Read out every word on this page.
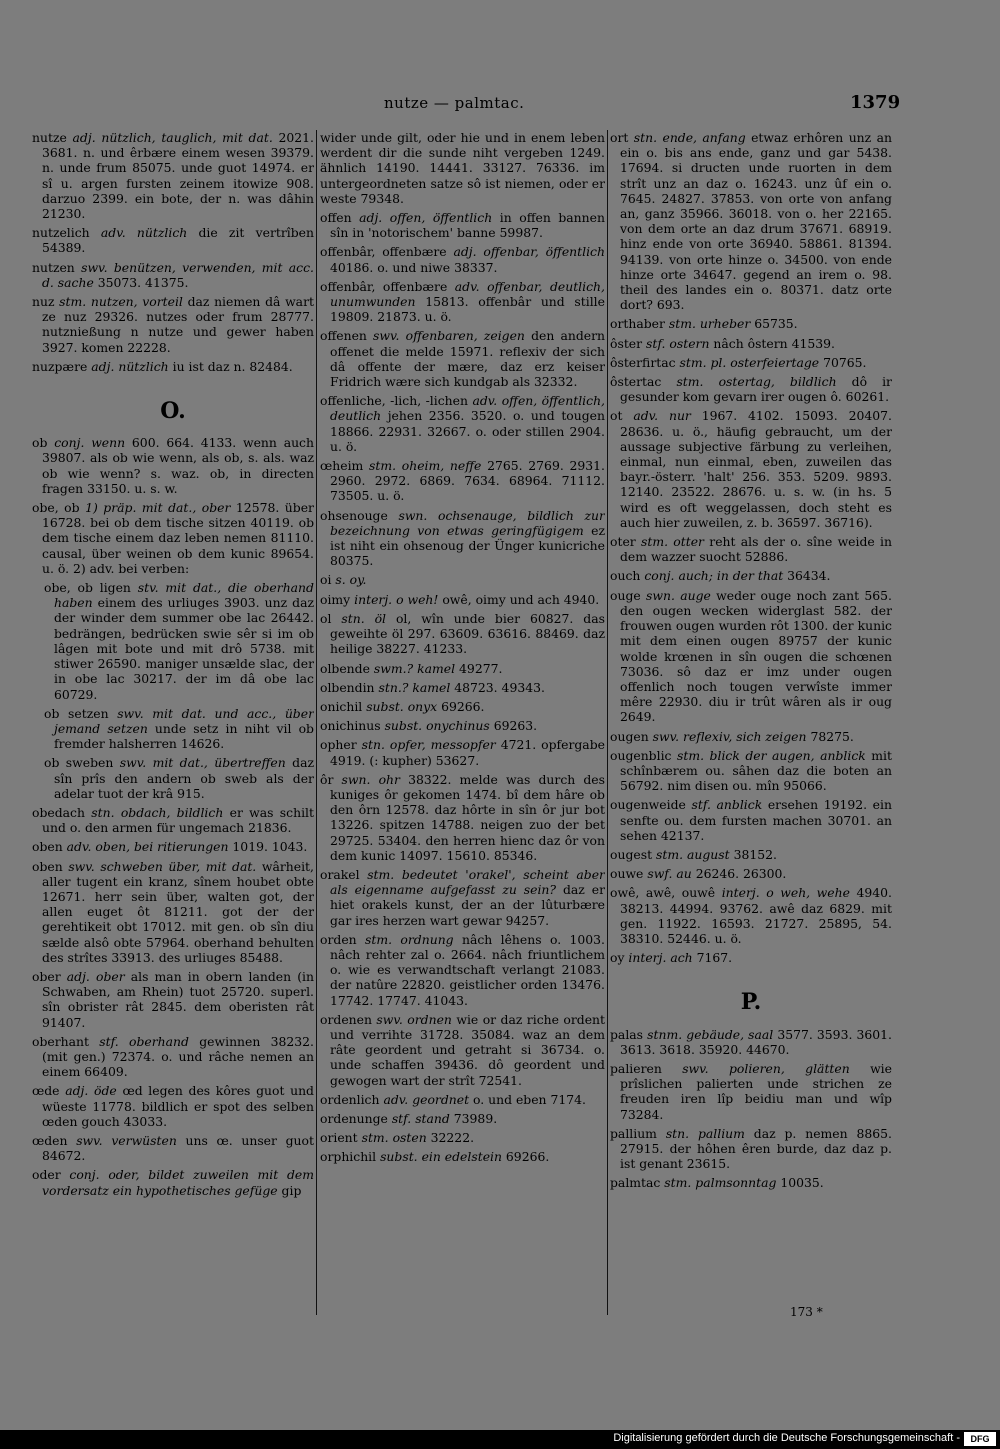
nutze — palmtac.	1379

nutze adj. nützlich, tauglich, mit dat. 2021. 3681. n. und êrbære einem wesen 39379. n. unde frum 85075. unde guot 14974. er sî u. argen fursten zeinem itowize 908. darzuo 2399. ein bote, der n. was dâhin 21230.

nutzelich adv. nützlich die zit vertrîben 54389.

nutzen swv. benützen, verwenden, mit acc. d. sache 35073. 41375.

nuz stm. nutzen, vorteil daz niemen dâ wart ze nuz 29326. nutzes oder frum 28777. nutznießung n nutze und gewer haben 3927. komen 22228.

nuzpære adj. nützlich iu ist daz n. 82484.

O.

ob conj. wenn 600. 664. 4133. wenn auch 39807. als ob wie wenn, als ob, s. als. waz ob wie wenn? s. waz. ob, in directen fragen 33150. u. s. w.

obe, ob 1) präp. mit dat., ober 12578. über 16728. bei ob dem tische sitzen 40119. ob dem tische einem daz leben nemen 81110. causal, über weinen ob dem kunic 89654. u. ö. 2) adv. bei verben:

obe, ob ligen stv. mit dat., die oberhand haben einem des urliuges 3903. unz daz der winder dem summer obe lac 26442. bedrängen, bedrücken swie sêr si im ob lâgen mit bote und mit drô 5738. mit stiwer 26590. maniger unsælde slac, der in obe lac 30217. der im dâ obe lac 60729.

ob setzen swv. mit dat. und acc., über jemand setzen unde setz in niht vil ob fremder halsherren 14626.

ob sweben swv. mit dat., übertreffen daz sîn prîs den andern ob sweb als der adelar tuot der krâ 915.

obedach stn. obdach, bildlich er was schilt und o. den armen für ungemach 21836.

oben adv. oben, bei ritierungen 1019. 1043.

oben swv. schweben über, mit dat. wârheit, aller tugent ein kranz, sînem houbet obte 12671. herr sein über, walten got, der allen euget ôt 81211. got der der gerehtikeit obt 17012. mit gen. ob sîn diu sælde alsô obte 57964. oberhand behulten des strîtes 33913. des urliuges 85488.

ober adj. ober als man in obern landen (in Schwaben, am Rhein) tuot 25720. superl. sîn obrister rât 2845. dem oberisten rât 91407.

oberhant stf. oberhand gewinnen 38232. (mit gen.) 72374. o. und râche nemen an einem 66409.

œde adj. öde œd legen des kôres guot und wüeste 11778. bildlich er spot des selben œden gouch 43033.

œden swv. verwüsten uns œ. unser guot 84672.

oder conj. oder, bildet zuweilen mit dem vordersatz ein hypothetisches gefüge gip

wider unde gilt, oder hie und in enem leben werdent dir die sunde niht vergeben 1249. ähnlich 14190. 14441. 33127. 76336. im untergeordneten satze sô ist niemen, oder er weste 79348.

offen adj. offen, öffentlich in offen bannen sîn in 'notorischem' banne 59987.

offenbâr, offenbære adj. offenbar, öffentlich 40186. o. und niwe 38337.

offenbâr, offenbære adv. offenbar, deutlich, unumwunden 15813. offenbâr und stille 19809. 21873. u. ö.

offenen swv. offenbaren, zeigen den andern offenet die melde 15971. reflexiv der sich dâ offente der mære, daz erz keiser Fridrich wære sich kundgab als 32332.

offenliche, -lich, -lichen adv. offen, öffentlich, deutlich jehen 2356. 3520. o. und tougen 18866. 22931. 32667. o. oder stillen 2904. u. ö.

œheim stm. oheim, neffe 2765. 2769. 2931. 2960. 2972. 6869. 7634. 68964. 71112. 73505. u. ö.

ohsenouge swn. ochsenauge, bildlich zur bezeichnung von etwas geringfügigem ez ist niht ein ohsenoug der Ünger kunicriche 80375.

oi s. oy.

oimy interj. o weh! owê, oimy und ach 4940.

ol stn. öl ol, wîn unde bier 60827. das geweihte öl 297. 63609. 63616. 88469. daz heilige 38227. 41233.

olbende swm.? kamel 49277.

olbendin stn.? kamel 48723. 49343.

onichil subst. onyx 69266.

onichinus subst. onychinus 69263.

opher stn. opfer, messopfer 4721. opfergabe 4919. (: kupher) 53627.

ôr swn. ohr 38322. melde was durch des kuniges ôr gekomen 1474. bî dem hâre ob den ôrn 12578. daz hôrte in sîn ôr jur bot 13226. spitzen 14788. neigen zuo der bet 29725. 53404. den herren hienc daz ôr von dem kunic 14097. 15610. 85346.

orakel stm. bedeutet 'orakel', scheint aber als eigenname aufgefasst zu sein? daz er hiet orakels kunst, der an der lûturbære gar ires herzen wart gewar 94257.

orden stm. ordnung nâch lêhens o. 1003. nâch rehter zal o. 2664. nâch friuntlichem o. wie es verwandtschaft verlangt 21083. der natûre 22820. geistlicher orden 13476. 17742. 17747. 41043.

ordenen swv. ordnen wie or daz riche ordent und verrihte 31728. 35084. waz an dem râte geordent und getraht si 36734. o. unde schaffen 39436. dô geordent und gewogen wart der strît 72541.

ordenlich adv. geordnet o. und eben 7174.

ordenunge stf. stand 73989.

orient stm. osten 32222.

orphichil subst. ein edelstein 69266.

ort stn. ende, anfang etwaz erhôren unz an ein o. bis ans ende, ganz und gar 5438. 17694. si dructen unde ruorten in dem strît unz an daz o. 16243. unz ûf ein o. 7645. 24827. 37853. von orte von anfang an, ganz 35966. 36018. von o. her 22165. von dem orte an daz drum 37671. 68919. hinz ende von orte 36940. 58861. 81394. 94139. von orte hinze o. 34500. von ende hinze orte 34647. gegend an irem o. 98. theil des landes ein o. 80371. datz orte dort? 693.

orthaber stm. urheber 65735.

ôster stf. ostern nâch ôstern 41539.

ôsterfirtac stm. pl. osterfeiertage 70765.

ôstertac stm. ostertag, bildlich dô ir gesunder kom gevarn irer ougen ô. 60261.

ot adv. nur 1967. 4102. 15093. 20407. 28636. u. ö., häufig gebraucht, um der aussage subjective färbung zu verleihen, einmal, nun einmal, eben, zuweilen das bayr.-österr. 'halt' 256. 353. 5209. 9893. 12140. 23522. 28676. u. s. w. (in hs. 5 wird es oft weggelassen, doch steht es auch hier zuweilen, z. b. 36597. 36716).

oter stm. otter reht als der o. sîne weide in dem wazzer suocht 52886.

ouch conj. auch; in der that 36434.

ouge swn. auge weder ouge noch zant 565. den ougen wecken widerglast 582. der frouwen ougen wurden rôt 1300. der kunic mit dem einen ougen 89757 der kunic wolde krœnen in sîn ougen die schœnen 73036. sô daz er imz under ougen offenlich noch tougen verwîste immer mêre 22930. diu ir trût wâren als ir oug 2649.

ougen swv. reflexiv, sich zeigen 78275.

ougenblic stm. blick der augen, anblick mit schînbærem ou. sâhen daz die boten an 56792. nim disen ou. mîn 95066.

ougenweide stf. anblick ersehen 19192. ein senfte ou. dem fursten machen 30701. an sehen 42137.

ougest stm. august 38152.

ouwe swf. au 26246. 26300.

owê, awê, ouwê interj. o weh, wehe 4940. 38213. 44994. 93762. awê daz 6829. mit gen. 11922. 16593. 21727. 25895, 54. 38310. 52446. u. ö.

oy interj. ach 7167.

P.

palas stnm. gebäude, saal 3577. 3593. 3601. 3613. 3618. 35920. 44670.

palieren swv. polieren, glätten wie prîslichen palierten unde strichen ze freuden iren lîp beidiu man und wîp 73284.

pallium stn. pallium daz p. nemen 8865. 27915. der hôhen êren burde, daz daz p. ist genant 23615.

palmtac stm. palmsonntag 10035.

173 *
Digitalisierung gefördert durch die Deutsche Forschungsgemeinschaft -	DFG
